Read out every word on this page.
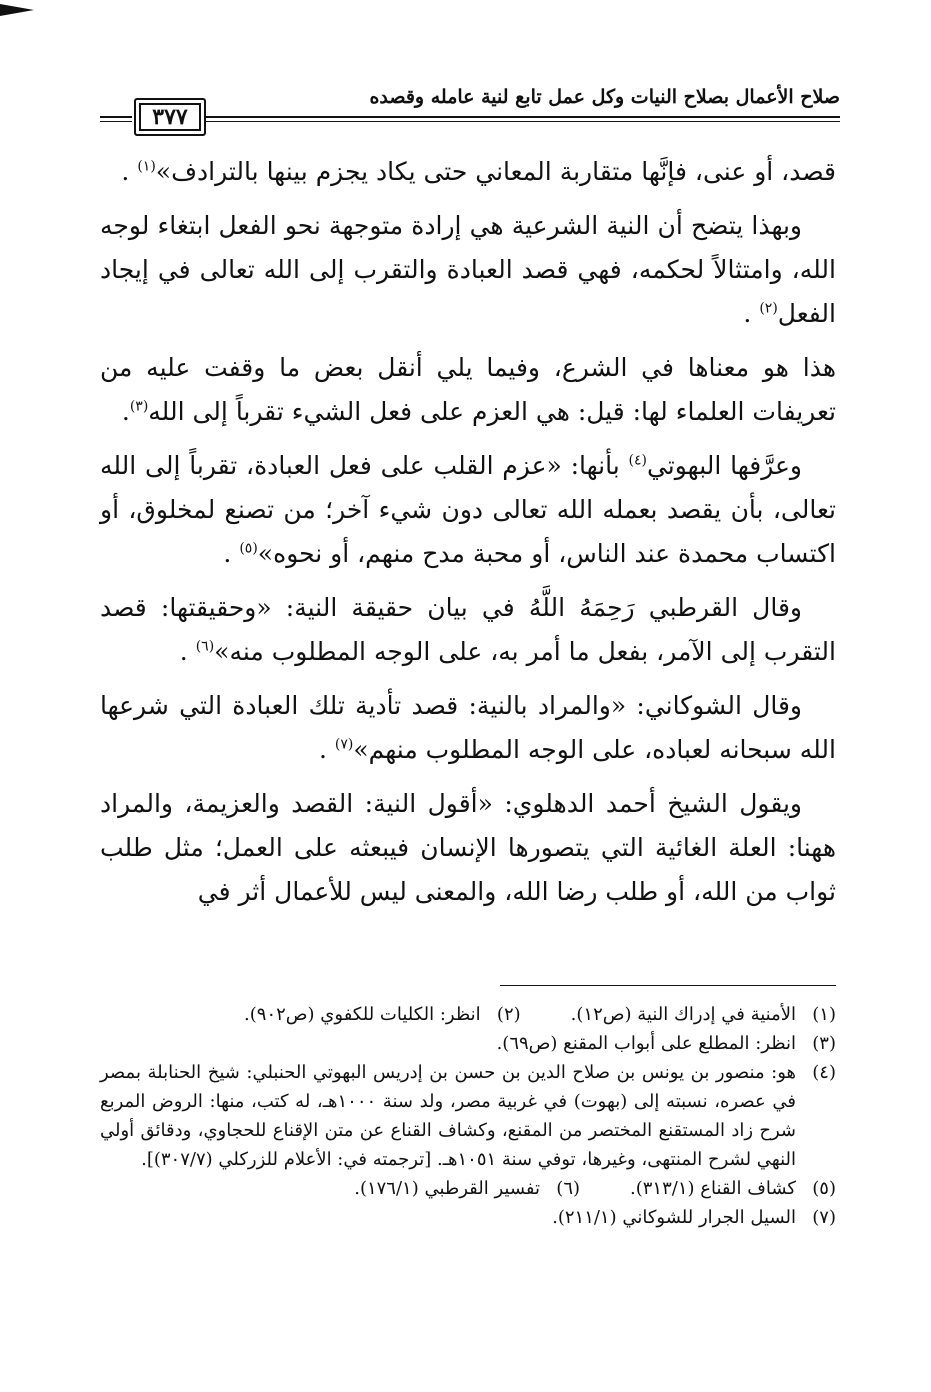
صلاح الأعمال بصلاح النيات وكل عمل تابع لنية عامله وقصده
٣٧٧

قصد، أو عنى، فإنَّها متقاربة المعاني حتى يكاد يجزم بينها بالترادف»$^{(١)}$ .

وبهذا يتضح أن النية الشرعية هي إرادة متوجهة نحو الفعل ابتغاء لوجه الله، وامتثالاً لحكمه، فهي قصد العبادة والتقرب إلى الله تعالى في إيجاد الفعل$^{(٢)}$ .

هذا هو معناها في الشرع، وفيما يلي أنقل بعض ما وقفت عليه من تعريفات العلماء لها: قيل: هي العزم على فعل الشيء تقرباً إلى الله$^{(٣)}$.

وعرَّفها البهوتي$^{(٤)}$ بأنها: «عزم القلب على فعل العبادة، تقرباً إلى الله تعالى، بأن يقصد بعمله الله تعالى دون شيء آخر؛ من تصنع لمخلوق، أو اكتساب محمدة عند الناس، أو محبة مدح منهم، أو نحوه»$^{(٥)}$ .

وقال القرطبي رَحِمَهُ اللَّهُ في بيان حقيقة النية: «وحقيقتها: قصد التقرب إلى الآمر، بفعل ما أمر به، على الوجه المطلوب منه»$^{(٦)}$ .

وقال الشوكاني: «والمراد بالنية: قصد تأدية تلك العبادة التي شرعها الله سبحانه لعباده، على الوجه المطلوب منهم»$^{(٧)}$ .

ويقول الشيخ أحمد الدهلوي: «أقول النية: القصد والعزيمة، والمراد ههنا: العلة الغائية التي يتصورها الإنسان فيبعثه على العمل؛ مثل طلب ثواب من الله، أو طلب رضا الله، والمعنى ليس للأعمال أثر في

(١)
الأمنية في إدراك النية (ص١٢).
(٢)
انظر: الكليات للكفوي (ص٩٠٢).
(٣)
انظر: المطلع على أبواب المقنع (ص٦٩).
(٤)
هو: منصور بن يونس بن صلاح الدين بن حسن بن إدريس البهوتي الحنبلي: شيخ الحنابلة بمصر في عصره، نسبته إلى (بهوت) في غربية مصر، ولد سنة ١٠٠٠هـ، له كتب، منها: الروض المربع شرح زاد المستقنع المختصر من المقنع، وكشاف القناع عن متن الإقناع للحجاوي، ودقائق أولي النهي لشرح المنتهى، وغيرها، توفي سنة ١٠٥١هـ. [ترجمته في: الأعلام للزركلي (٣٠٧/٧)].
(٥)
كشاف القناع (٣١٣/١).
(٦)
تفسير القرطبي (١٧٦/١).
(٧)
السيل الجرار للشوكاني (٢١١/١).
